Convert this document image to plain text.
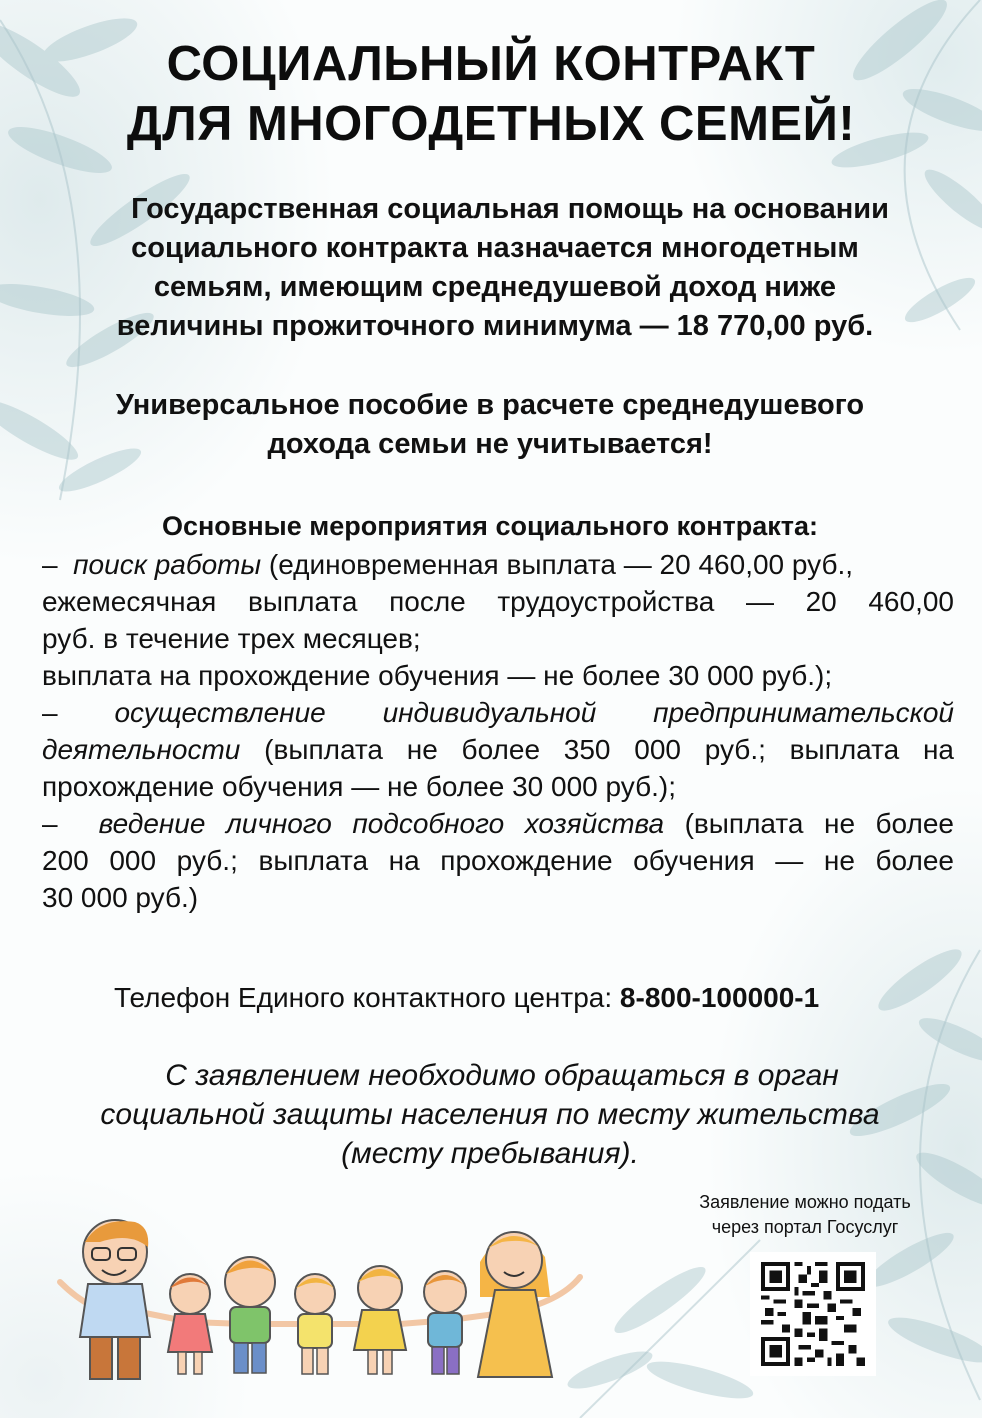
СОЦИАЛЬНЫЙ КОНТРАКТ
ДЛЯ МНОГОДЕТНЫХ СЕМЕЙ!
Государственная социальная помощь на основании
социального контракта назначается многодетным
семьям, имеющим среднедушевой доход ниже
величины прожиточного минимума — 18 770,00 руб.
Универсальное пособие в расчете среднедушевого
дохода семьи не учитывается!
Основные мероприятия социального контракта:
– поиск работы (единовременная выплата — 20 460,00 руб.,
ежемесячная выплата после трудоустройства — 20 460,00
руб. в течение трех месяцев;
выплата на прохождение обучения — не более 30 000 руб.);
– осуществление индивидуальной предпринимательской
деятельности (выплата не более 350 000 руб.; выплата на
прохождение обучения — не более 30 000 руб.);
– ведение личного подсобного хозяйства (выплата не более
200 000 руб.; выплата на прохождение обучения — не более
30 000 руб.)
Телефон Единого контактного центра: 8-800-100000-1
С заявлением необходимо обращаться в орган
социальной защиты населения по месту жительства
(месту пребывания).
Заявление можно подать
через портал Госуслуг
